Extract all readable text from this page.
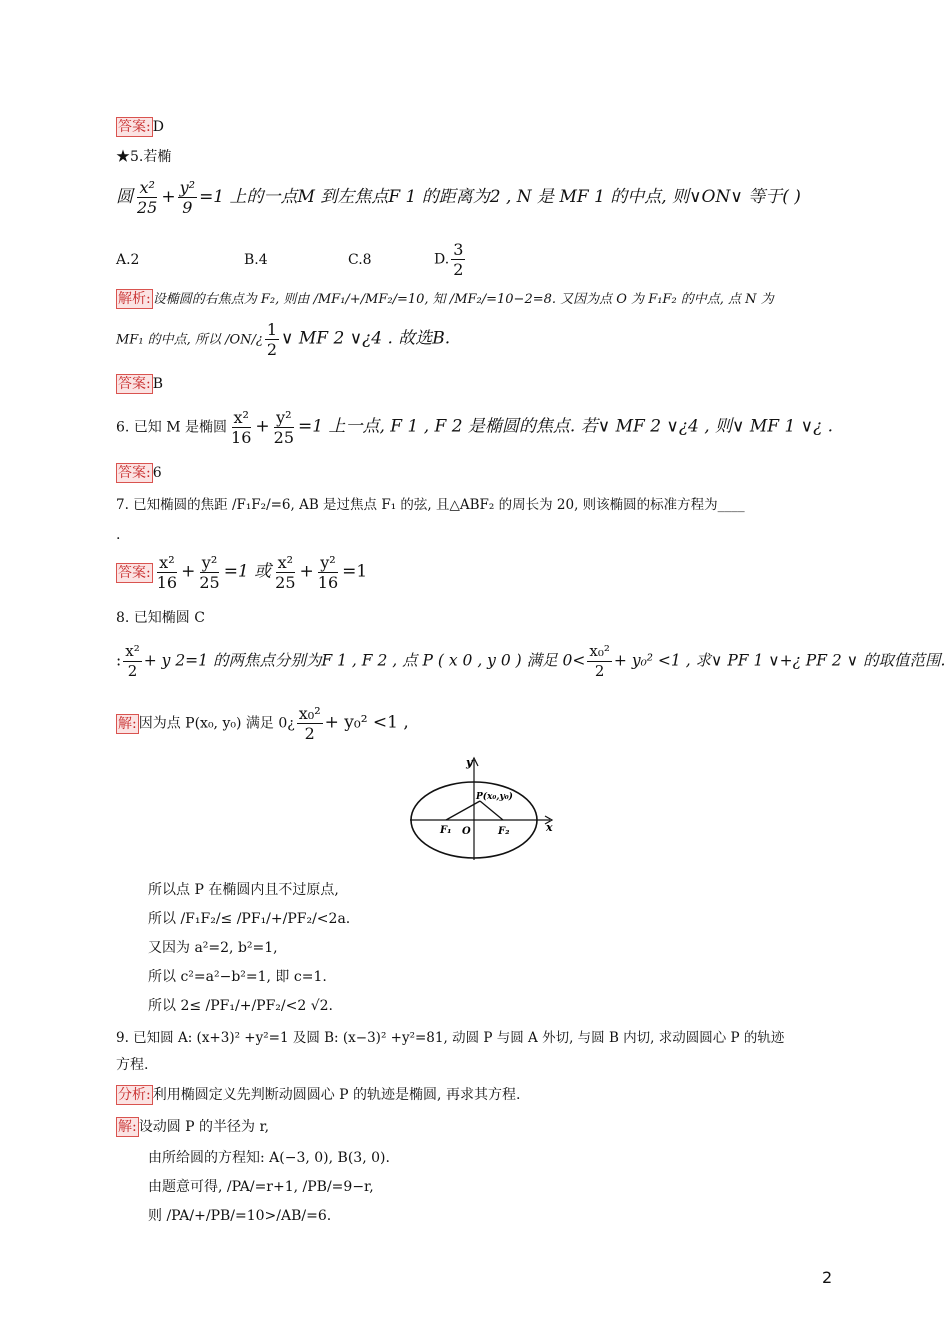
答案: D
★5.若椭
圆 $\frac{\text{x²}}{25} + \frac{\text{y²}}{9} =1$ 上的一点M 到左焦点F 1 的距离为2 , N 是 MF 1 的中点, 则∨ON∨ 等于( )
A.2	B.4	C.8	D. $\frac{3}{2}$
解析: 设椭圆的右焦点为 F₂, 则由 /MF₁/+/MF₂/=10, 知 /MF₂/=10−2=8. 又因为点 O 为 F₁F₂ 的中点, 点 N 为
MF₁ 的中点, 所以 /ON/¿ $\frac{1}{2}$ ∨ MF 2 ∨¿4 . 故选B.
答案: B
6. 已知 M 是椭圆 $\frac{\text{x²}}{16} + \frac{\text{y²}}{25} =1$ 上一点, F 1 , F 2 是椭圆的焦点. 若∨ MF 2 ∨¿4 , 则∨ MF 1 ∨¿ .
答案: 6
7. 已知椭圆的焦距 /F₁F₂/=6, AB 是过焦点 F₁ 的弦, 且△ABF₂ 的周长为 20, 则该椭圆的标准方程为____
.
答案: $\frac{\text{x²}}{16} + \frac{\text{y²}}{25} =1$ 或 $\frac{\text{x²}}{25} + \frac{\text{y²}}{16} =1$
8. 已知椭圆 C
: $\frac{\text{x²}}{2} + y$ 2=1 的两焦点分别为F 1 , F 2 , 点 P ( x 0 , y 0 ) 满足 $0< \frac{\text{x₀²}}{2} + y_0^2 <1$ , 求∨ PF 1 ∨+¿ PF 2 ∨ 的取值范围.
解: 因为点 P(x₀, y₀) 满足 0¿ $\frac{\text{x₀²}}{2} + y_0^2 <1$ ,
y
x
F₁ O	F₂
P(x₀,y₀)
所以点 P 在椭圆内且不过原点,
所以 /F₁F₂/≤ /PF₁/+/PF₂/<2a.
又因为 a²=2, b²=1,
所以 c²=a²−b²=1, 即 c=1.
所以 2≤ /PF₁/+/PF₂/<2 √2.
9. 已知圆 A: (x+3)² +y²=1 及圆 B: (x−3)² +y²=81, 动圆 P 与圆 A 外切, 与圆 B 内切, 求动圆圆心 P 的轨迹
方程.
分析: 利用椭圆定义先判断动圆圆心 P 的轨迹是椭圆, 再求其方程.
解: 设动圆 P 的半径为 r,
由所给圆的方程知: A(−3, 0), B(3, 0).
由题意可得, /PA/=r+1, /PB/=9−r,
则 /PA/+/PB/=10>/AB/=6.
2
